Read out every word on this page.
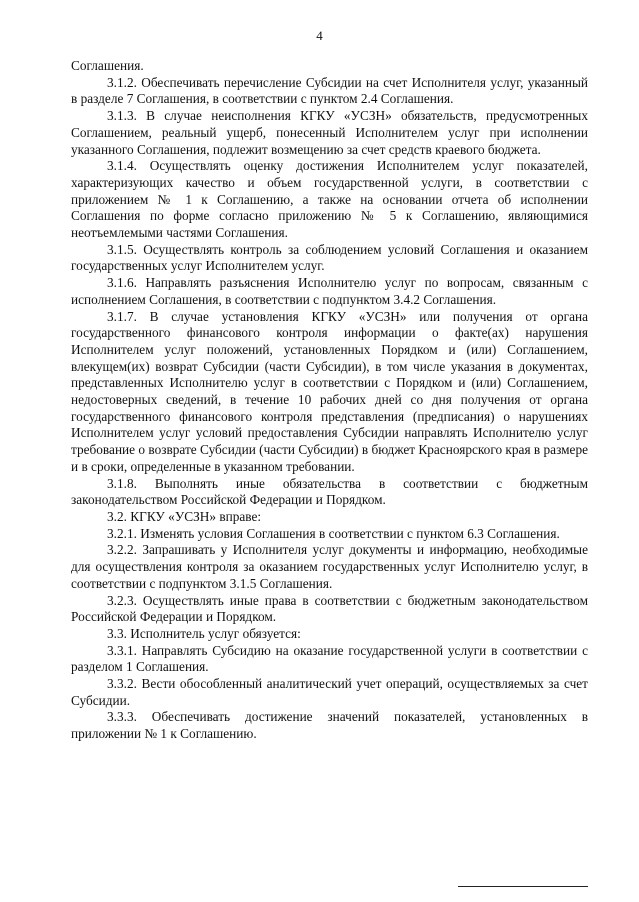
4

Соглашения.

3.1.2. Обеспечивать перечисление Субсидии на счет Исполнителя услуг, указанный в разделе 7 Соглашения, в соответствии с пунктом 2.4 Соглашения.

3.1.3. В случае неисполнения КГКУ «УСЗН» обязательств, предусмотренных Соглашением, реальный ущерб, понесенный Исполнителем услуг при исполнении указанного Соглашения, подлежит возмещению за счет средств краевого бюджета.

3.1.4. Осуществлять оценку достижения Исполнителем услуг показателей, характеризующих качество и объем государственной услуги, в соответствии с приложением № 1 к Соглашению, а также на основании отчета об исполнении Соглашения по форме согласно приложению № 5 к Соглашению, являющимися неотъемлемыми частями Соглашения.

3.1.5. Осуществлять контроль за соблюдением условий Соглашения и оказанием государственных услуг Исполнителем услуг.

3.1.6. Направлять разъяснения Исполнителю услуг по вопросам, связанным с исполнением Соглашения, в соответствии с подпунктом 3.4.2 Соглашения.

3.1.7. В случае установления КГКУ «УСЗН» или получения от органа государственного финансового контроля информации о факте(ах) нарушения Исполнителем услуг положений, установленных Порядком и (или) Соглашением, влекущем(их) возврат Субсидии (части Субсидии), в том числе указания в документах, представленных Исполнителю услуг в соответствии с Порядком и (или) Соглашением, недостоверных сведений, в течение 10 рабочих дней со дня получения от органа государственного финансового контроля представления (предписания) о нарушениях Исполнителем услуг условий предоставления Субсидии направлять Исполнителю услуг требование о возврате Субсидии (части Субсидии) в бюджет Красноярского края в размере и в сроки, определенные в указанном требовании.

3.1.8. Выполнять иные обязательства в соответствии с бюджетным законодательством Российской Федерации и Порядком.

3.2. КГКУ «УСЗН» вправе:

3.2.1. Изменять условия Соглашения в соответствии с пунктом 6.3 Соглашения.

3.2.2. Запрашивать у Исполнителя услуг документы и информацию, необходимые для осуществления контроля за оказанием государственных услуг Исполнителю услуг, в соответствии с подпунктом 3.1.5 Соглашения.

3.2.3. Осуществлять иные права в соответствии с бюджетным законодательством Российской Федерации и Порядком.

3.3. Исполнитель услуг обязуется:

3.3.1. Направлять Субсидию на оказание государственной услуги в соответствии с разделом 1 Соглашения.

3.3.2. Вести обособленный аналитический учет операций, осуществляемых за счет Субсидии.

3.3.3. Обеспечивать достижение значений показателей, установленных в приложении № 1 к Соглашению.
